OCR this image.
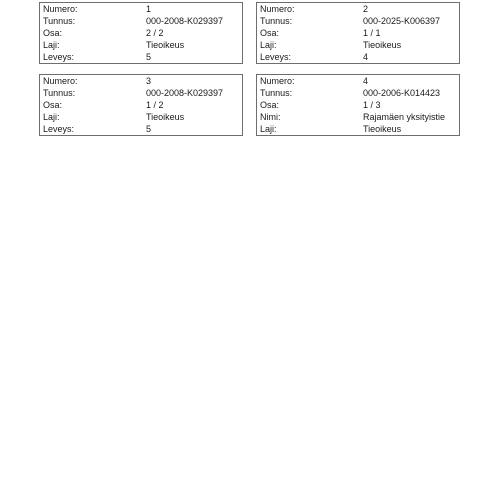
Numero:	1
Tunnus:	000-2008-K029397
Osa:	2 / 2
Laji:	Tieoikeus
Leveys:	5
Numero:	2
Tunnus:	000-2025-K006397
Osa:	1 / 1
Laji:	Tieoikeus
Leveys:	4
Numero:	3
Tunnus:	000-2008-K029397
Osa:	1 / 2
Laji:	Tieoikeus
Leveys:	5
Numero:	4
Tunnus:	000-2006-K014423
Osa:	1 / 3
Nimi:	Rajamäen yksityistie
Laji:	Tieoikeus
